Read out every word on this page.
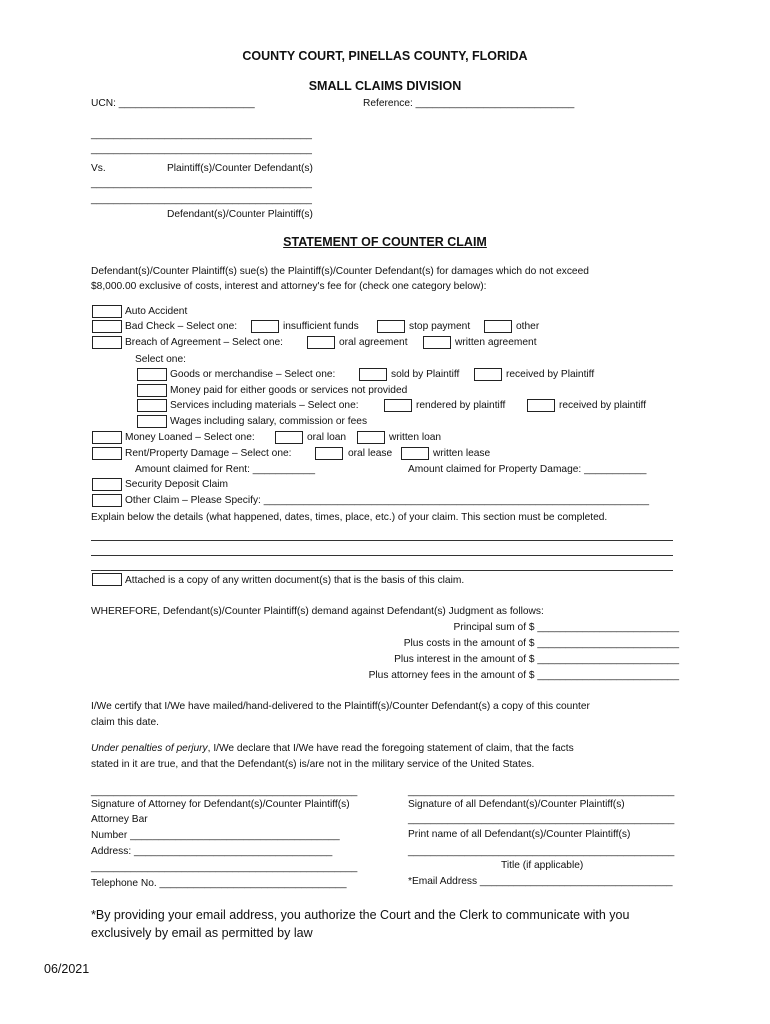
COUNTY COURT, PINELLAS COUNTY, FLORIDA
SMALL CLAIMS DIVISION
UCN: ________________________	Reference: ____________________________
_______________________________________
_______________________________________
Vs.	Plaintiff(s)/Counter Defendant(s)
_______________________________________
_______________________________________
Defendant(s)/Counter Plaintiff(s)
STATEMENT OF COUNTER CLAIM
Defendant(s)/Counter Plaintiff(s) sue(s) the Plaintiff(s)/Counter Defendant(s) for damages which do not exceed
$8,000.00 exclusive of costs, interest and attorney's fee for (check one category below):
Auto Accident
Bad Check – Select one:	insufficient funds	stop payment	other
Breach of Agreement – Select one:	oral agreement	written agreement
Select one:
Goods or merchandise – Select one:	sold by Plaintiff	received by Plaintiff
Money paid for either goods or services not provided
Services including materials – Select one:	rendered by plaintiff	received by plaintiff
Wages including salary, commission or fees
Money Loaned – Select one:	oral loan	written loan
Rent/Property Damage – Select one:	oral lease	written lease
Amount claimed for Rent: ___________	Amount claimed for Property Damage: ___________
Security Deposit Claim
Other Claim – Please Specify: ____________________________________________________________________
Explain below the details (what happened, dates, times, place, etc.) of your claim. This section must be completed.
Attached is a copy of any written document(s) that is the basis of this claim.
WHEREFORE, Defendant(s)/Counter Plaintiff(s) demand against Defendant(s) Judgment as follows:
Principal sum of $ _________________________
Plus costs in the amount of $ _________________________
Plus interest in the amount of $ _________________________
Plus attorney fees in the amount of $ _________________________
I/We certify that I/We have mailed/hand-delivered to the Plaintiff(s)/Counter Defendant(s) a copy of this counter
claim this date.
Under penalties of perjury, I/We declare that I/We have read the foregoing statement of claim, that the facts
stated in it are true, and that the Defendant(s) is/are not in the military service of the United States.
_______________________________________________
Signature of Attorney for Defendant(s)/Counter Plaintiff(s)
Attorney Bar
Number _____________________________________
Address: ___________________________________
_______________________________________________
Telephone No. _________________________________
_______________________________________________
Signature of all Defendant(s)/Counter Plaintiff(s)
_______________________________________________
Print name of all Defendant(s)/Counter Plaintiff(s)
_______________________________________________
Title (if applicable)
*Email Address __________________________________
*By providing your email address, you authorize the Court and the Clerk to communicate with you
exclusively by email as permitted by law
06/2021
